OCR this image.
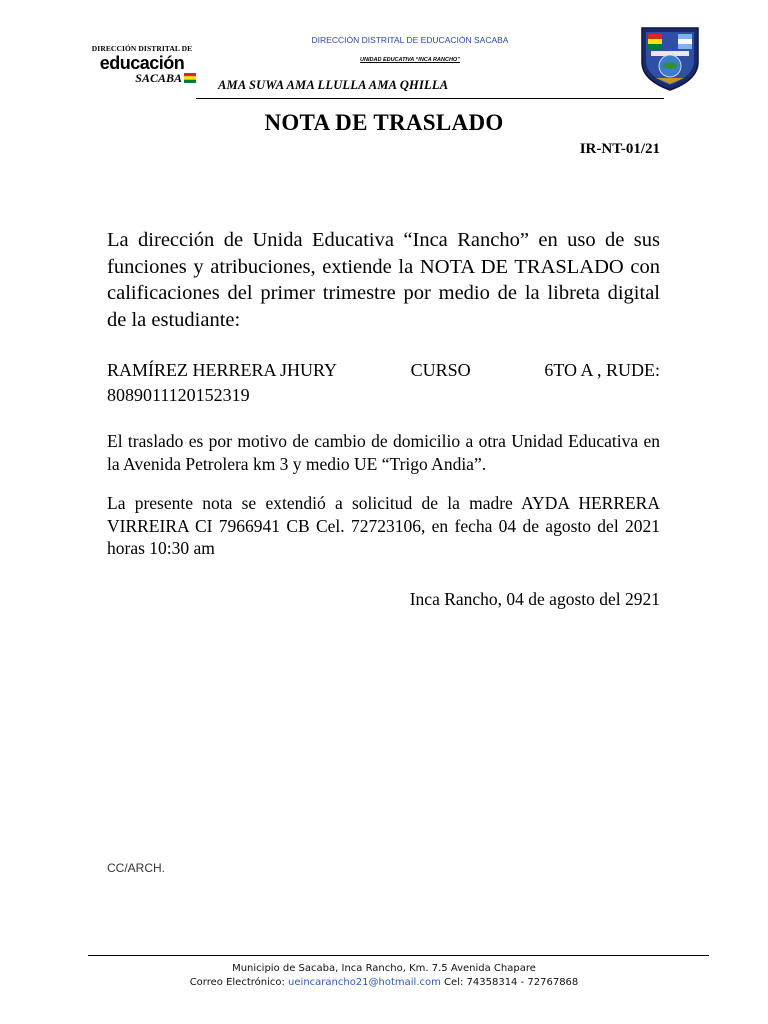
DIRECCIÓN DISTRITAL DE
educación
SACABA
DIRECCIÓN DISTRITAL DE EDUCACIÓN SACABA
UNIDAD EDUCATIVA “INCA RANCHO”
AMA SUWA AMA LLULLA AMA QHILLA
NOTA DE TRASLADO
IR-NT-01/21
La dirección de Unida Educativa “Inca Rancho” en uso de sus funciones y atribuciones, extiende la NOTA DE TRASLADO con calificaciones del primer trimestre por medio de la libreta digital de la estudiante:
RAMÍREZ HERRERA JHURY	CURSO	6TO A , RUDE:
8089011120152319
El traslado es por motivo de cambio de domicilio a otra Unidad Educativa en la Avenida Petrolera km 3 y medio UE “Trigo Andia”.
La presente nota se extendió a solicitud de la madre AYDA HERRERA VIRREIRA CI 7966941 CB Cel. 72723106, en fecha 04 de agosto del 2021 horas 10:30 am
Inca Rancho, 04 de agosto del 2921
CC/ARCH.
Municipio de Sacaba, Inca Rancho, Km. 7.5 Avenida Chapare
Correo Electrónico: ueincarancho21@hotmail.com Cel: 74358314 - 72767868
